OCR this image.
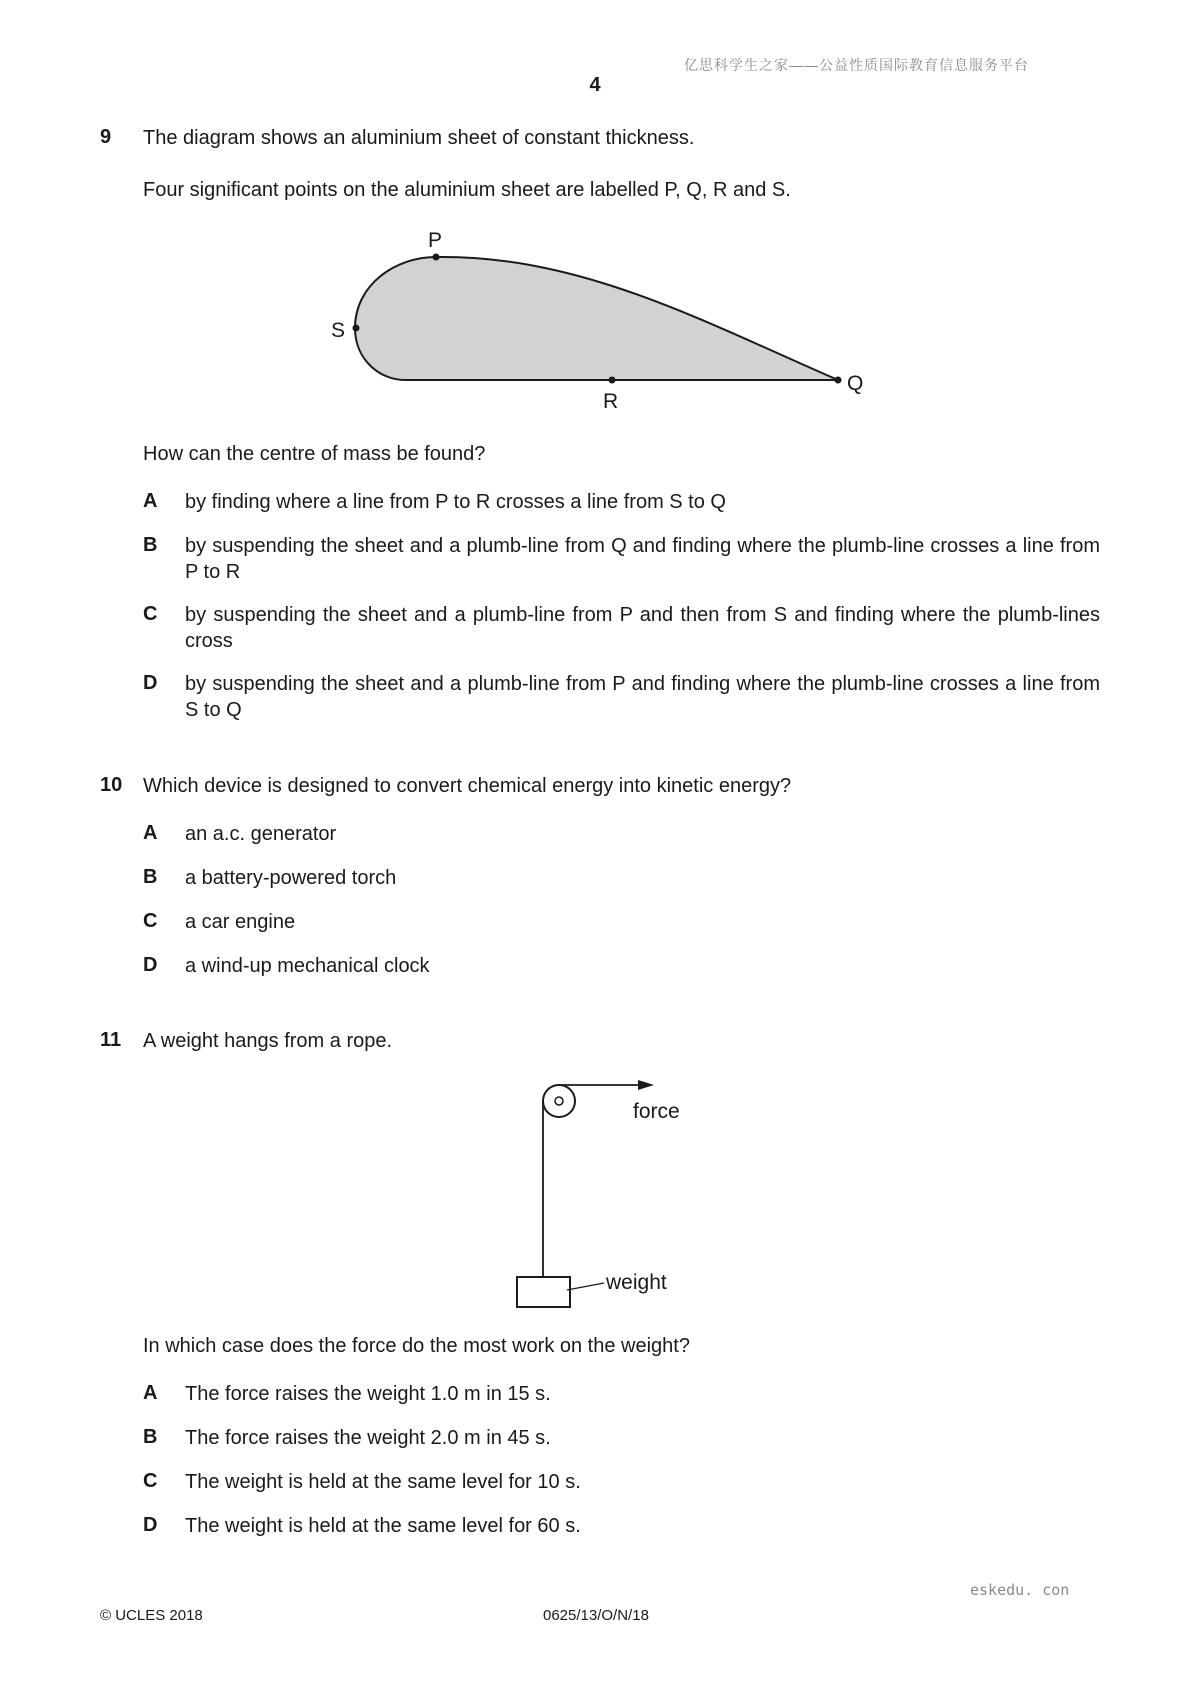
亿思科学生之家——公益性质国际教育信息服务平台
4
9 The diagram shows an aluminium sheet of constant thickness.
Four significant points on the aluminium sheet are labelled P, Q, R and S.
P
S
R
Q
How can the centre of mass be found?
A by finding where a line from P to R crosses a line from S to Q
B by suspending the sheet and a plumb-line from Q and finding where the plumb-line crosses a line from P to R
C by suspending the sheet and a plumb-line from P and then from S and finding where the plumb-lines cross
D by suspending the sheet and a plumb-line from P and finding where the plumb-line crosses a line from S to Q
10 Which device is designed to convert chemical energy into kinetic energy?
A an a.c. generator
B a battery-powered torch
C a car engine
D a wind-up mechanical clock
11 A weight hangs from a rope.
force
weight
In which case does the force do the most work on the weight?
A The force raises the weight 1.0 m in 15 s.
B The force raises the weight 2.0 m in 45 s.
C The weight is held at the same level for 10 s.
D The weight is held at the same level for 60 s.
eskedu. con
© UCLES 2018	0625/13/O/N/18
